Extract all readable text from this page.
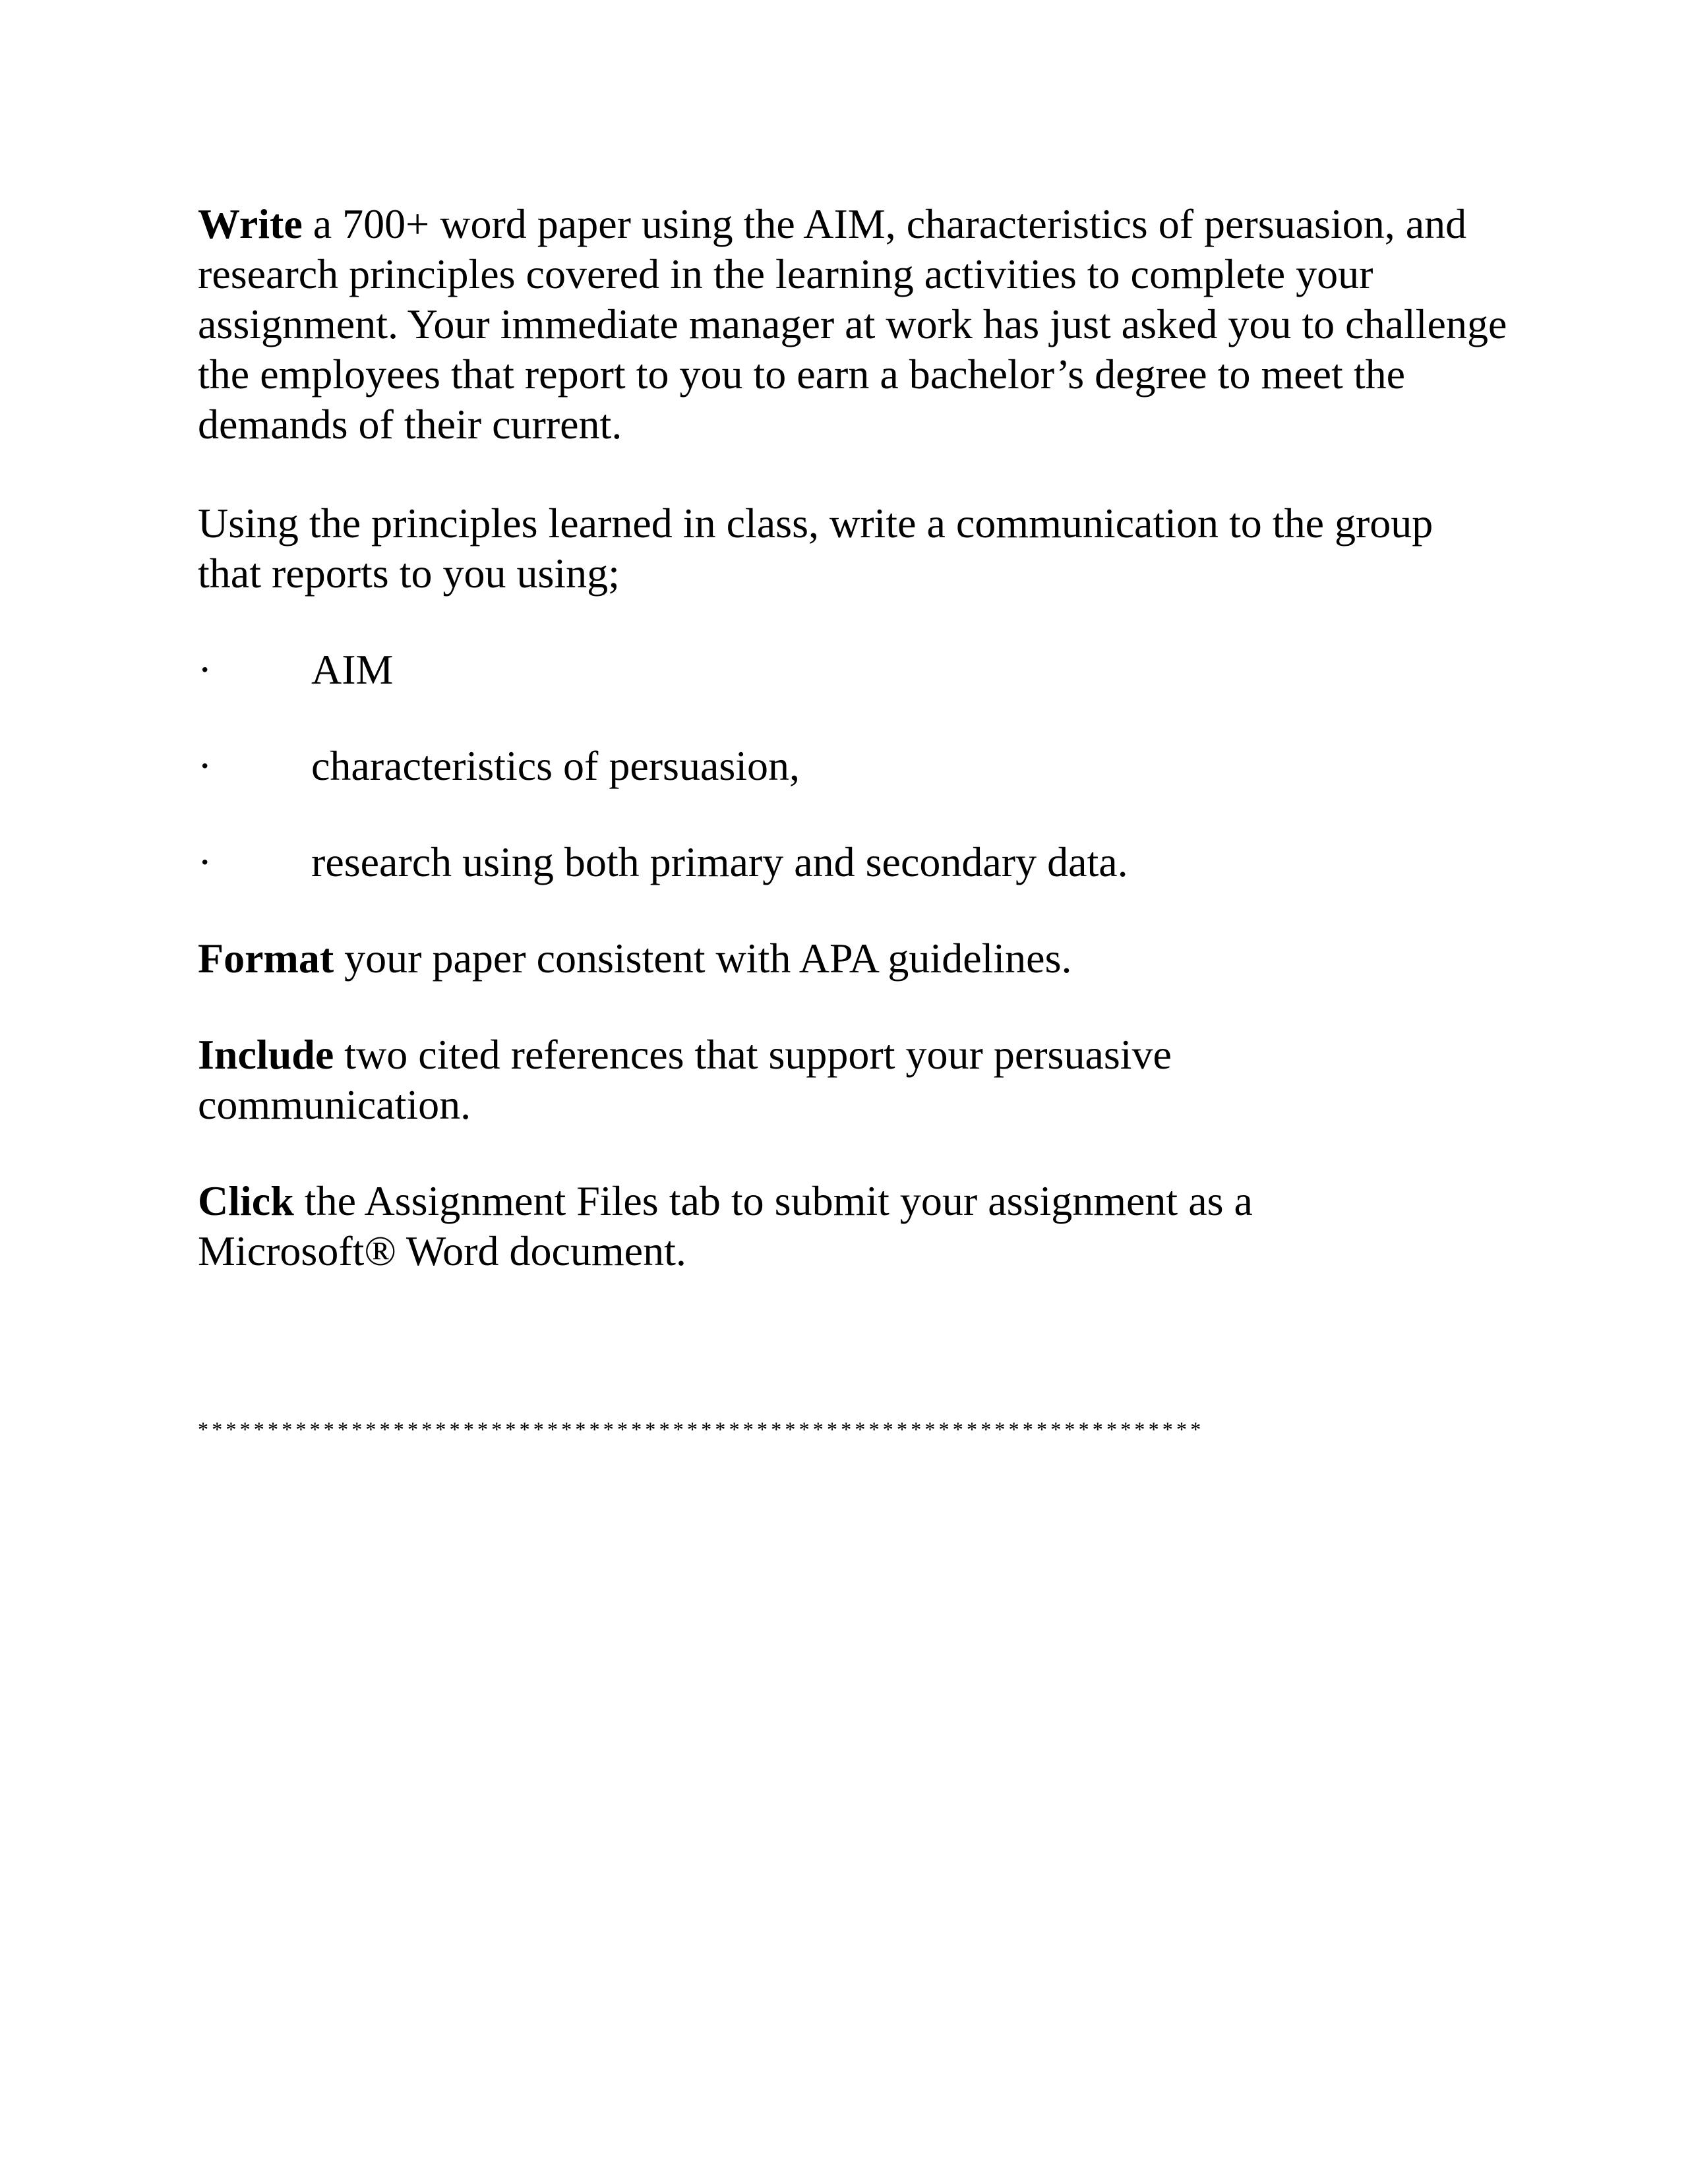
Write a 700+ word paper using the AIM, characteristics of persuasion, and research principles covered in the learning activities to complete your assignment. Your immediate manager at work has just asked you to challenge the employees that report to you to earn a bachelor’s degree to meet the demands of their current.

Using the principles learned in class, write a communication to the group that reports to you using;

· AIM
· characteristics of persuasion,
· research using both primary and secondary data.

Format your paper consistent with APA guidelines.

Include two cited references that support your persuasive communication.

Click the Assignment Files tab to submit your assignment as a Microsoft® Word document.

************************************************************************
